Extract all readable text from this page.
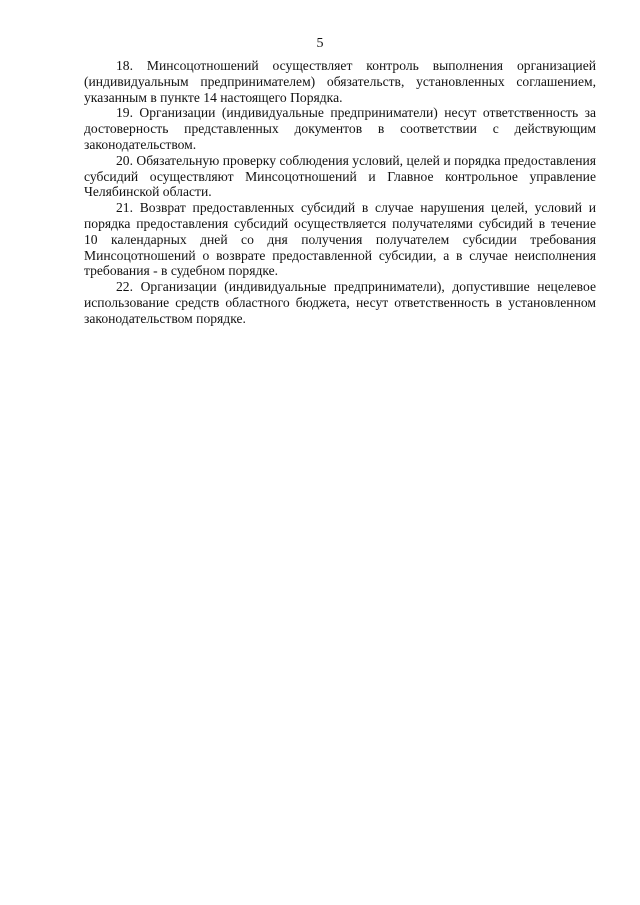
5

18. Минсоцотношений осуществляет контроль выполнения организацией (индивидуальным предпринимателем) обязательств, установленных соглашением, указанным в пункте 14 настоящего Порядка.

19. Организации (индивидуальные предприниматели) несут ответственность за достоверность представленных документов в соответствии с действующим законодательством.

20. Обязательную проверку соблюдения условий, целей и порядка предоставления субсидий осуществляют Минсоцотношений и Главное контрольное управление Челябинской области.

21. Возврат предоставленных субсидий в случае нарушения целей, условий и порядка предоставления субсидий осуществляется получателями субсидий в течение 10 календарных дней со дня получения получателем субсидии требования Минсоцотношений о возврате предоставленной субсидии, а в случае неисполнения требования - в судебном порядке.

22. Организации (индивидуальные предприниматели), допустившие нецелевое использование средств областного бюджета, несут ответственность в установленном законодательством порядке.
